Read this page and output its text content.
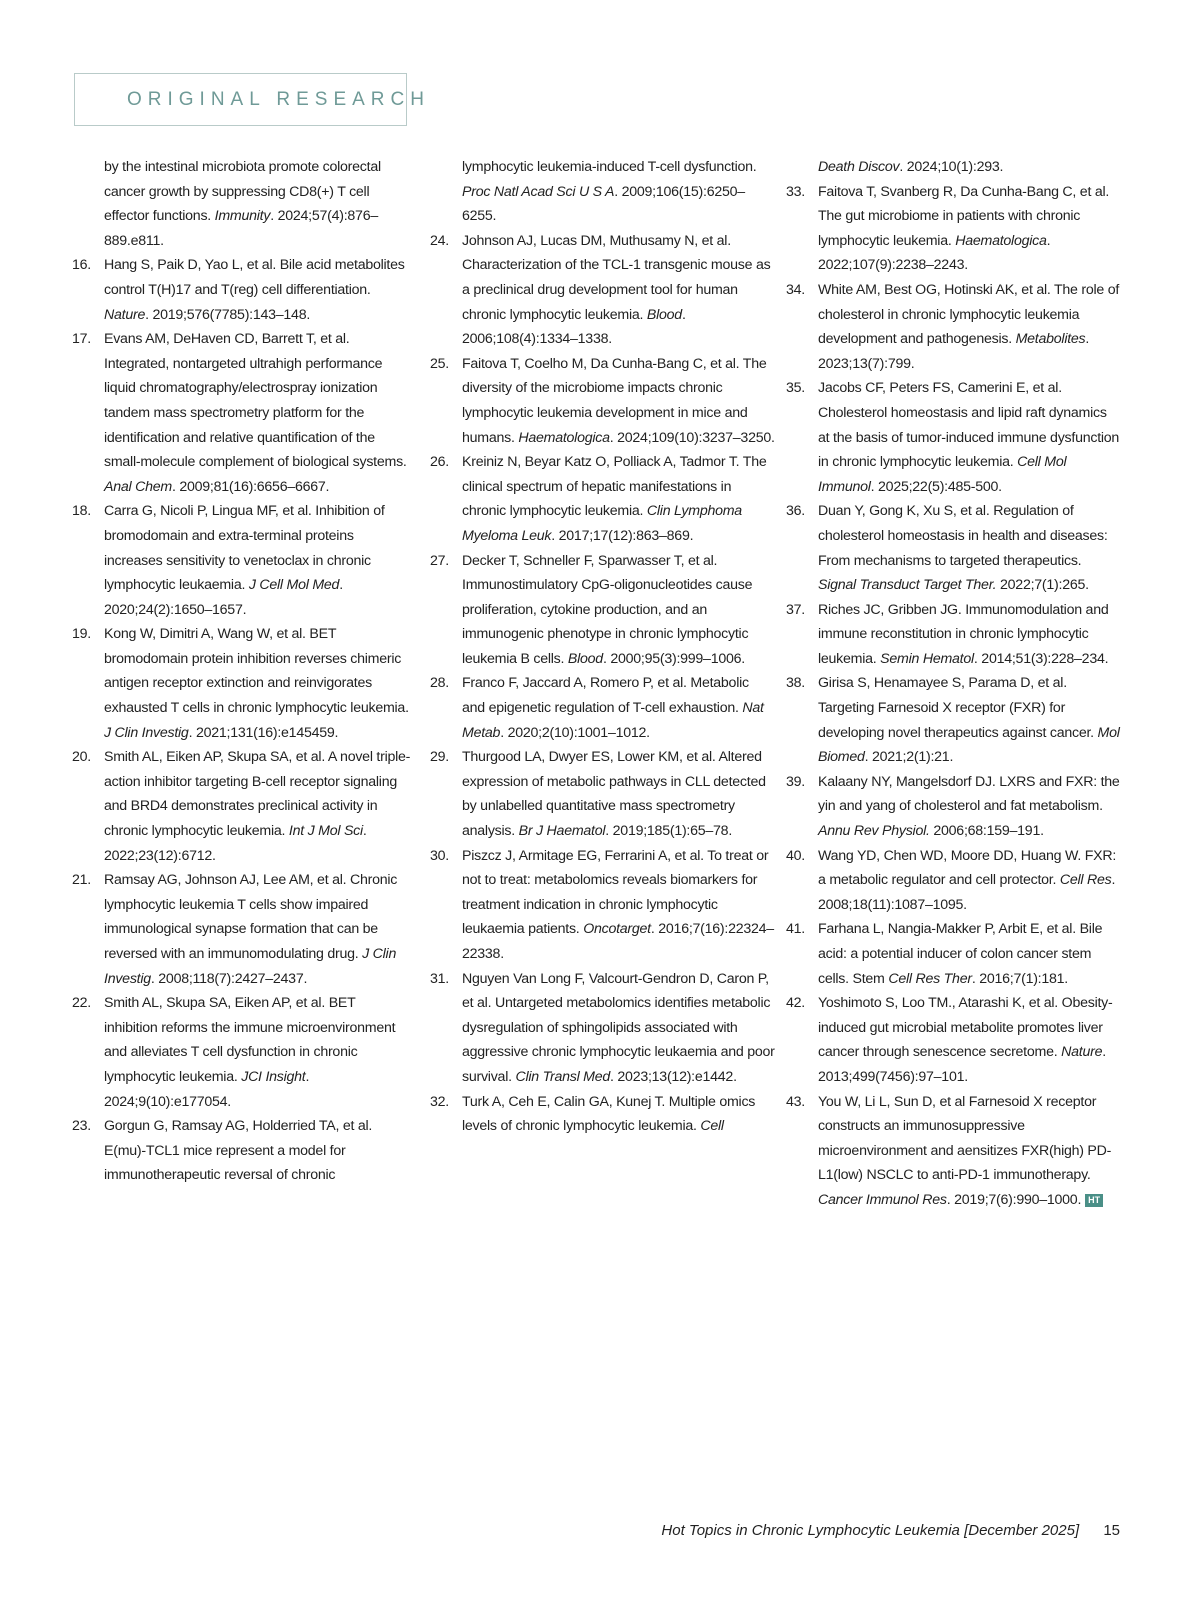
ORIGINAL RESEARCH
by the intestinal microbiota promote colorectal cancer growth by suppressing CD8(+) T cell effector functions. Immunity. 2024;57(4):876–889.e811.
16. Hang S, Paik D, Yao L, et al. Bile acid metabolites control T(H)17 and T(reg) cell differentiation. Nature. 2019;576(7785):143–148.
17. Evans AM, DeHaven CD, Barrett T, et al. Integrated, nontargeted ultrahigh performance liquid chromatography/electrospray ionization tandem mass spectrometry platform for the identification and relative quantification of the small-molecule complement of biological systems. Anal Chem. 2009;81(16):6656–6667.
18. Carra G, Nicoli P, Lingua MF, et al. Inhibition of bromodomain and extra-terminal proteins increases sensitivity to venetoclax in chronic lymphocytic leukaemia. J Cell Mol Med. 2020;24(2):1650–1657.
19. Kong W, Dimitri A, Wang W, et al. BET bromodomain protein inhibition reverses chimeric antigen receptor extinction and reinvigorates exhausted T cells in chronic lymphocytic leukemia. J Clin Investig. 2021;131(16):e145459.
20. Smith AL, Eiken AP, Skupa SA, et al. A novel triple-action inhibitor targeting B-cell receptor signaling and BRD4 demonstrates preclinical activity in chronic lymphocytic leukemia. Int J Mol Sci. 2022;23(12):6712.
21. Ramsay AG, Johnson AJ, Lee AM, et al. Chronic lymphocytic leukemia T cells show impaired immunological synapse formation that can be reversed with an immunomodulating drug. J Clin Investig. 2008;118(7):2427–2437.
22. Smith AL, Skupa SA, Eiken AP, et al. BET inhibition reforms the immune microenvironment and alleviates T cell dysfunction in chronic lymphocytic leukemia. JCI Insight. 2024;9(10):e177054.
23. Gorgun G, Ramsay AG, Holderried TA, et al. E(mu)-TCL1 mice represent a model for immunotherapeutic reversal of chronic
lymphocytic leukemia-induced T-cell dysfunction. Proc Natl Acad Sci U S A. 2009;106(15):6250–6255.
24. Johnson AJ, Lucas DM, Muthusamy N, et al. Characterization of the TCL-1 transgenic mouse as a preclinical drug development tool for human chronic lymphocytic leukemia. Blood. 2006;108(4):1334–1338.
25. Faitova T, Coelho M, Da Cunha-Bang C, et al. The diversity of the microbiome impacts chronic lymphocytic leukemia development in mice and humans. Haematologica. 2024;109(10):3237–3250.
26. Kreiniz N, Beyar Katz O, Polliack A, Tadmor T. The clinical spectrum of hepatic manifestations in chronic lymphocytic leukemia. Clin Lymphoma Myeloma Leuk. 2017;17(12):863–869.
27. Decker T, Schneller F, Sparwasser T, et al. Immunostimulatory CpG-oligonucleotides cause proliferation, cytokine production, and an immunogenic phenotype in chronic lymphocytic leukemia B cells. Blood. 2000;95(3):999–1006.
28. Franco F, Jaccard A, Romero P, et al. Metabolic and epigenetic regulation of T-cell exhaustion. Nat Metab. 2020;2(10):1001–1012.
29. Thurgood LA, Dwyer ES, Lower KM, et al. Altered expression of metabolic pathways in CLL detected by unlabelled quantitative mass spectrometry analysis. Br J Haematol. 2019;185(1):65–78.
30. Piszcz J, Armitage EG, Ferrarini A, et al. To treat or not to treat: metabolomics reveals biomarkers for treatment indication in chronic lymphocytic leukaemia patients. Oncotarget. 2016;7(16):22324–22338.
31. Nguyen Van Long F, Valcourt-Gendron D, Caron P, et al. Untargeted metabolomics identifies metabolic dysregulation of sphingolipids associated with aggressive chronic lymphocytic leukaemia and poor survival. Clin Transl Med. 2023;13(12):e1442.
32. Turk A, Ceh E, Calin GA, Kunej T. Multiple omics levels of chronic lymphocytic leukemia. Cell
Death Discov. 2024;10(1):293.
33. Faitova T, Svanberg R, Da Cunha-Bang C, et al. The gut microbiome in patients with chronic lymphocytic leukemia. Haematologica. 2022;107(9):2238–2243.
34. White AM, Best OG, Hotinski AK, et al. The role of cholesterol in chronic lymphocytic leukemia development and pathogenesis. Metabolites. 2023;13(7):799.
35. Jacobs CF, Peters FS, Camerini E, et al. Cholesterol homeostasis and lipid raft dynamics at the basis of tumor-induced immune dysfunction in chronic lymphocytic leukemia. Cell Mol Immunol. 2025;22(5):485-500.
36. Duan Y, Gong K, Xu S, et al. Regulation of cholesterol homeostasis in health and diseases: From mechanisms to targeted therapeutics. Signal Transduct Target Ther. 2022;7(1):265.
37. Riches JC, Gribben JG. Immunomodulation and immune reconstitution in chronic lymphocytic leukemia. Semin Hematol. 2014;51(3):228–234.
38. Girisa S, Henamayee S, Parama D, et al. Targeting Farnesoid X receptor (FXR) for developing novel therapeutics against cancer. Mol Biomed. 2021;2(1):21.
39. Kalaany NY, Mangelsdorf DJ. LXRS and FXR: the yin and yang of cholesterol and fat metabolism. Annu Rev Physiol. 2006;68:159–191.
40. Wang YD, Chen WD, Moore DD, Huang W. FXR: a metabolic regulator and cell protector. Cell Res. 2008;18(11):1087–1095.
41. Farhana L, Nangia-Makker P, Arbit E, et al. Bile acid: a potential inducer of colon cancer stem cells. Stem Cell Res Ther. 2016;7(1):181.
42. Yoshimoto S, Loo TM., Atarashi K, et al. Obesity-induced gut microbial metabolite promotes liver cancer through senescence secretome. Nature. 2013;499(7456):97–101.
43. You W, Li L, Sun D, et al Farnesoid X receptor constructs an immunosuppressive microenvironment and aensitizes FXR(high) PD-L1(low) NSCLC to anti-PD-1 immunotherapy. Cancer Immunol Res. 2019;7(6):990–1000. HT
Hot Topics in Chronic Lymphocytic Leukemia [December 2025] 15
